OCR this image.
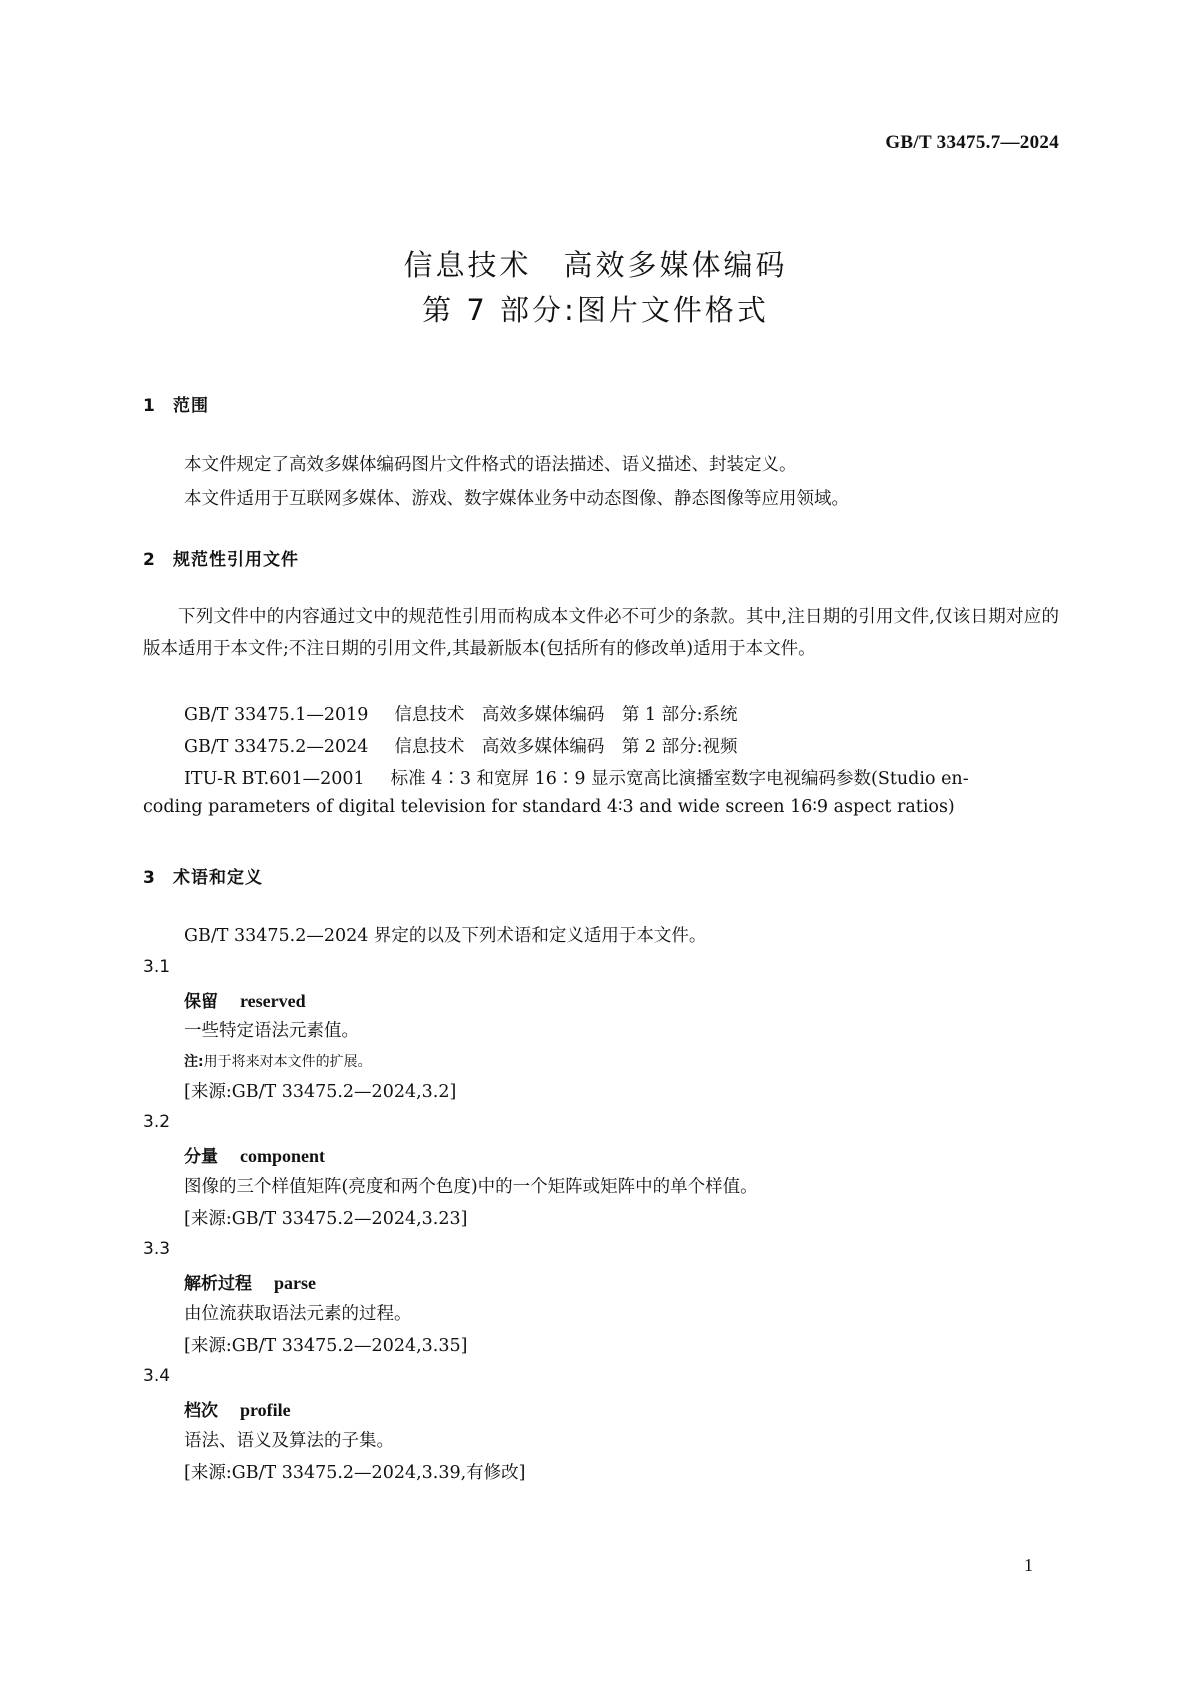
GB/T 33475.7—2024
信息技术　高效多媒体编码
第 7 部分:图片文件格式
1 范围
本文件规定了高效多媒体编码图片文件格式的语法描述、语义描述、封装定义。
本文件适用于互联网多媒体、游戏、数字媒体业务中动态图像、静态图像等应用领域。
2 规范性引用文件
下列文件中的内容通过文中的规范性引用而构成本文件必不可少的条款。其中,注日期的引用文件,仅该日期对应的版本适用于本文件;不注日期的引用文件,其最新版本(包括所有的修改单)适用于本文件。
GB/T 33475.1—2019 信息技术　高效多媒体编码　第 1 部分:系统
GB/T 33475.2—2024 信息技术　高效多媒体编码　第 2 部分:视频
ITU-R BT.601—2001 标准 4∶3 和宽屏 16∶9 显示宽高比演播室数字电视编码参数(Studio en-
coding parameters of digital television for standard 4∶3 and wide screen 16∶9 aspect ratios)
3 术语和定义
GB/T 33475.2—2024 界定的以及下列术语和定义适用于本文件。
3.1
保留 reserved
一些特定语法元素值。
注:用于将来对本文件的扩展。
[来源:GB/T 33475.2—2024,3.2]
3.2
分量 component
图像的三个样值矩阵(亮度和两个色度)中的一个矩阵或矩阵中的单个样值。
[来源:GB/T 33475.2—2024,3.23]
3.3
解析过程 parse
由位流获取语法元素的过程。
[来源:GB/T 33475.2—2024,3.35]
3.4
档次 profile
语法、语义及算法的子集。
[来源:GB/T 33475.2—2024,3.39,有修改]
1
